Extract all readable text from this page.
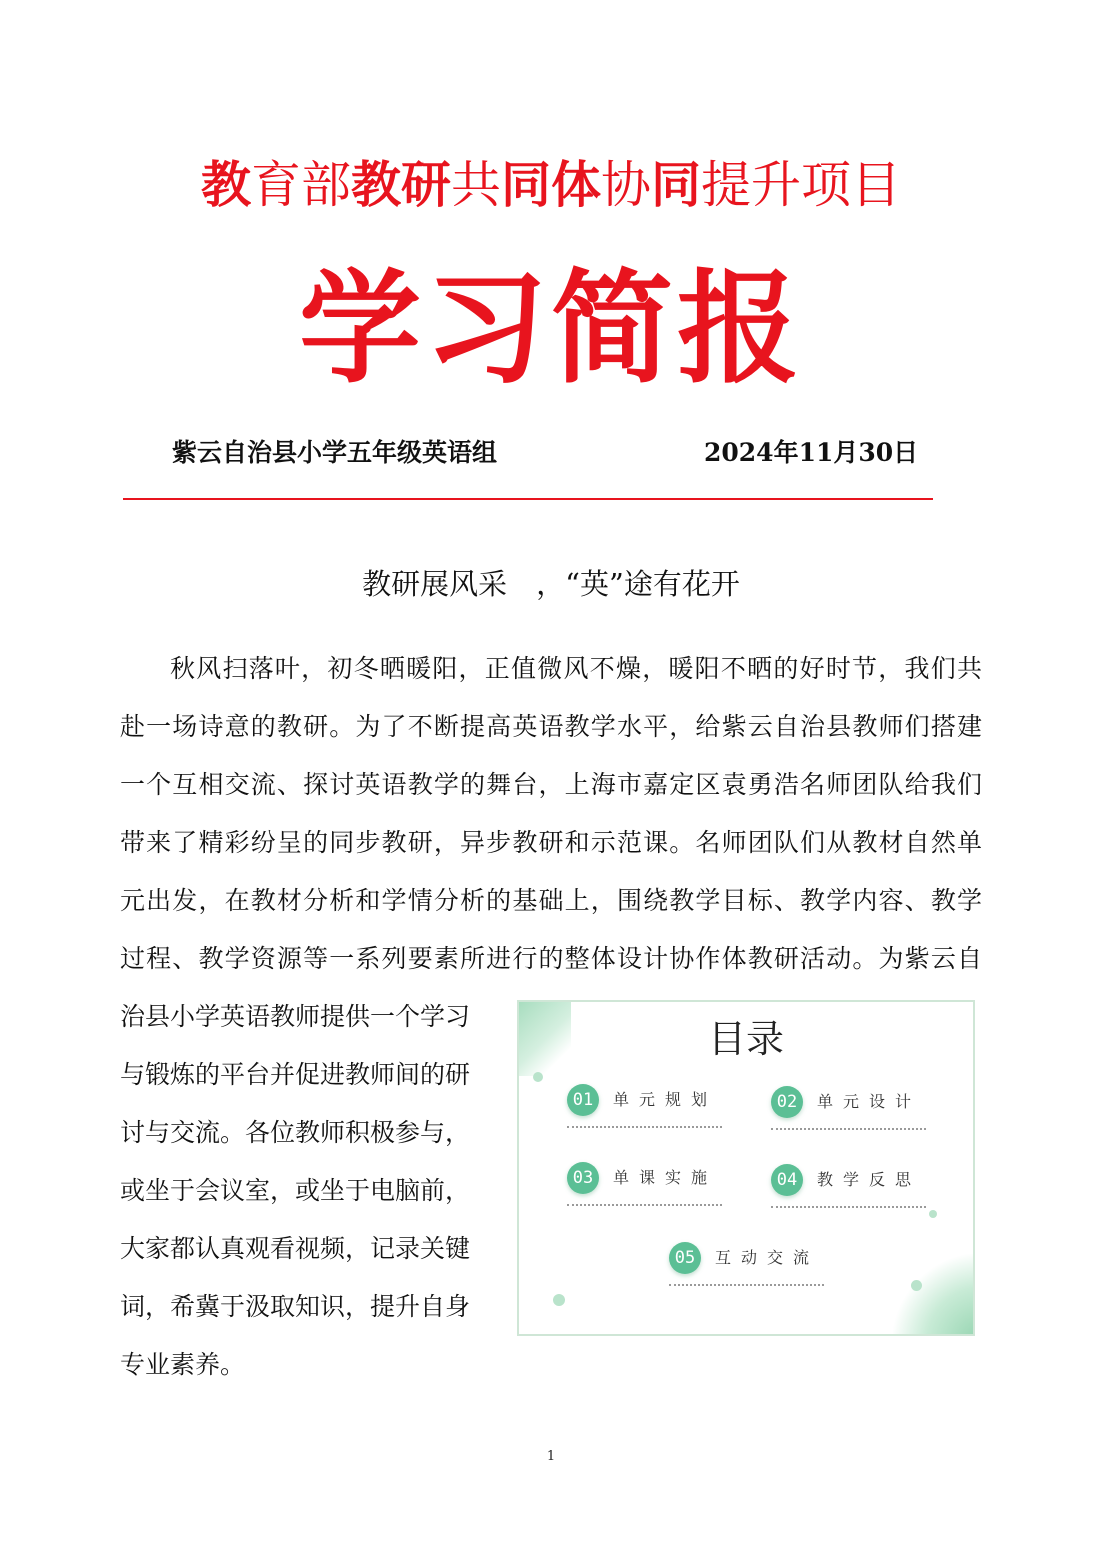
教育部教研共同体协同提升项目
学习简报
紫云自治县小学五年级英语组	2024年11月30日
教研展风采　，“英”途有花开
秋风扫落叶，初冬晒暖阳，正值微风不燥，暖阳不晒的好时节，我们共
赴一场诗意的教研。为了不断提高英语教学水平，给紫云自治县教师们搭建
一个互相交流、探讨英语教学的舞台，上海市嘉定区袁勇浩名师团队给我们
带来了精彩纷呈的同步教研，异步教研和示范课。名师团队们从教材自然单
元出发，在教材分析和学情分析的基础上，围绕教学目标、教学内容、教学
过程、教学资源等一系列要素所进行的整体设计协作体教研活动。为紫云自
治县小学英语教师提供一个学习
与锻炼的平台并促进教师间的研
讨与交流。各位教师积极参与，
或坐于会议室，或坐于电脑前，
大家都认真观看视频，记录关键
词，希冀于汲取知识，提升自身
专业素养。
目录
01	单元规划	02	单元设计
03	单课实施	04	教学反思
05	互动交流
1
